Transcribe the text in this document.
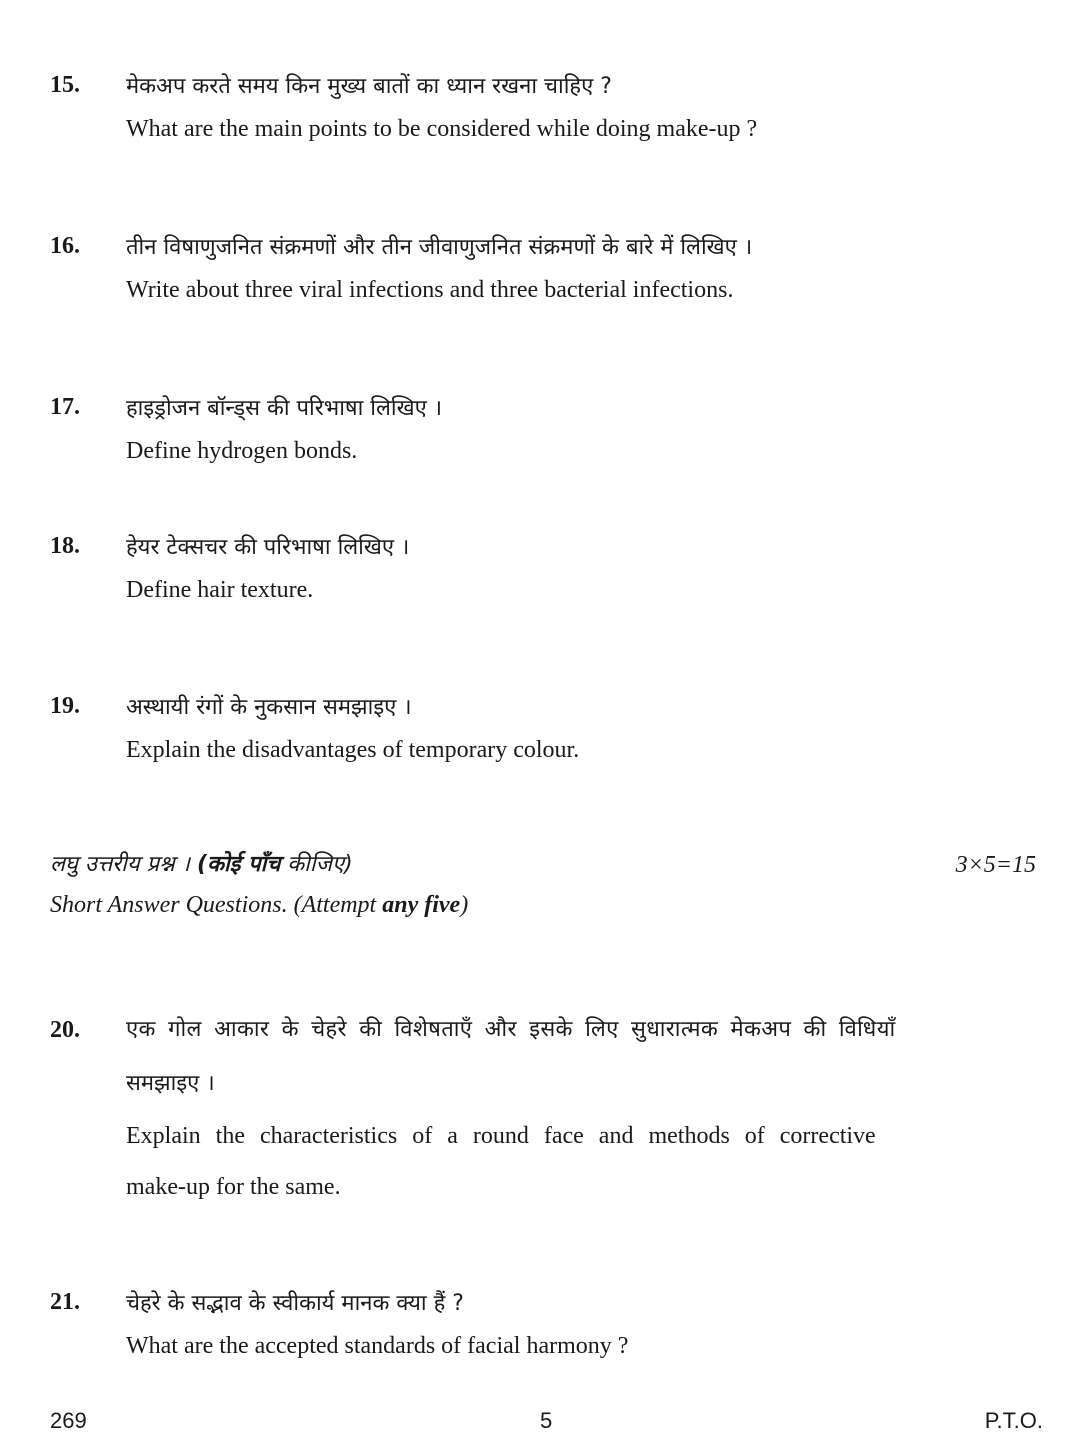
15. मेकअप करते समय किन मुख्य बातों का ध्यान रखना चाहिए ?
What are the main points to be considered while doing make-up ?
16. तीन विषाणुजनित संक्रमणों और तीन जीवाणुजनित संक्रमणों के बारे में लिखिए ।
Write about three viral infections and three bacterial infections.
17. हाइड्रोजन बॉन्ड्स की परिभाषा लिखिए ।
Define hydrogen bonds.
18. हेयर टेक्सचर की परिभाषा लिखिए ।
Define hair texture.
19. अस्थायी रंगों के नुकसान समझाइए ।
Explain the disadvantages of temporary colour.
लघु उत्तरीय प्रश्न । (कोई पाँच कीजिए)	3×5=15
Short Answer Questions. (Attempt any five)
20. एक गोल आकार के चेहरे की विशेषताएँ और इसके लिए सुधारात्मक मेकअप की विधियाँ
समझाइए ।
Explain the characteristics of a round face and methods of corrective
make-up for the same.
21. चेहरे के सद्भाव के स्वीकार्य मानक क्या हैं ?
What are the accepted standards of facial harmony ?
269	5	P.T.O.
